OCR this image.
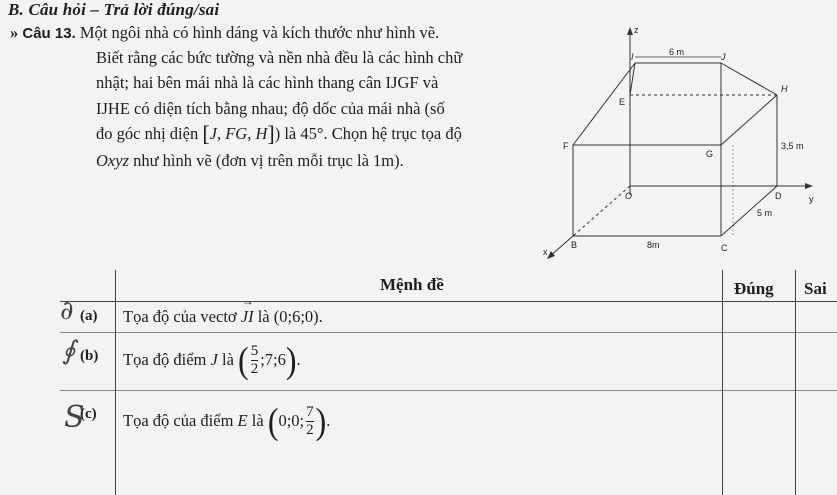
B. Câu hỏi – Trả lời đúng/sai
» Câu 13. Một ngôi nhà có hình dáng và kích thước như hình vẽ.
Biết rằng các bức tường và nền nhà đều là các hình chữ
nhật; hai bên mái nhà là các hình thang cân IJGF và
IJHE có diện tích bằng nhau; độ dốc của mái nhà (số
đo góc nhị diện [J, FG, H]) là 45°. Chọn hệ trục tọa độ
Oxyz như hình vẽ (đơn vị trên mỗi trục là 1m).
z
I	6 m	J
H
E
F
G
3,5 m
O	D	y
5 m
B	8m	C
x
Mệnh đề	Đúng Sai
∂ (a) Tọa độ của vectơ

→ JI
là
(0;6;0).
∮ (b) Tọa độ điểm
J
là
( $\frac{5}{2}$ ;7;6 ) .
S
(c) Tọa độ của điểm
E
là
( 0;0; $\frac{7}{2}$ ) .
